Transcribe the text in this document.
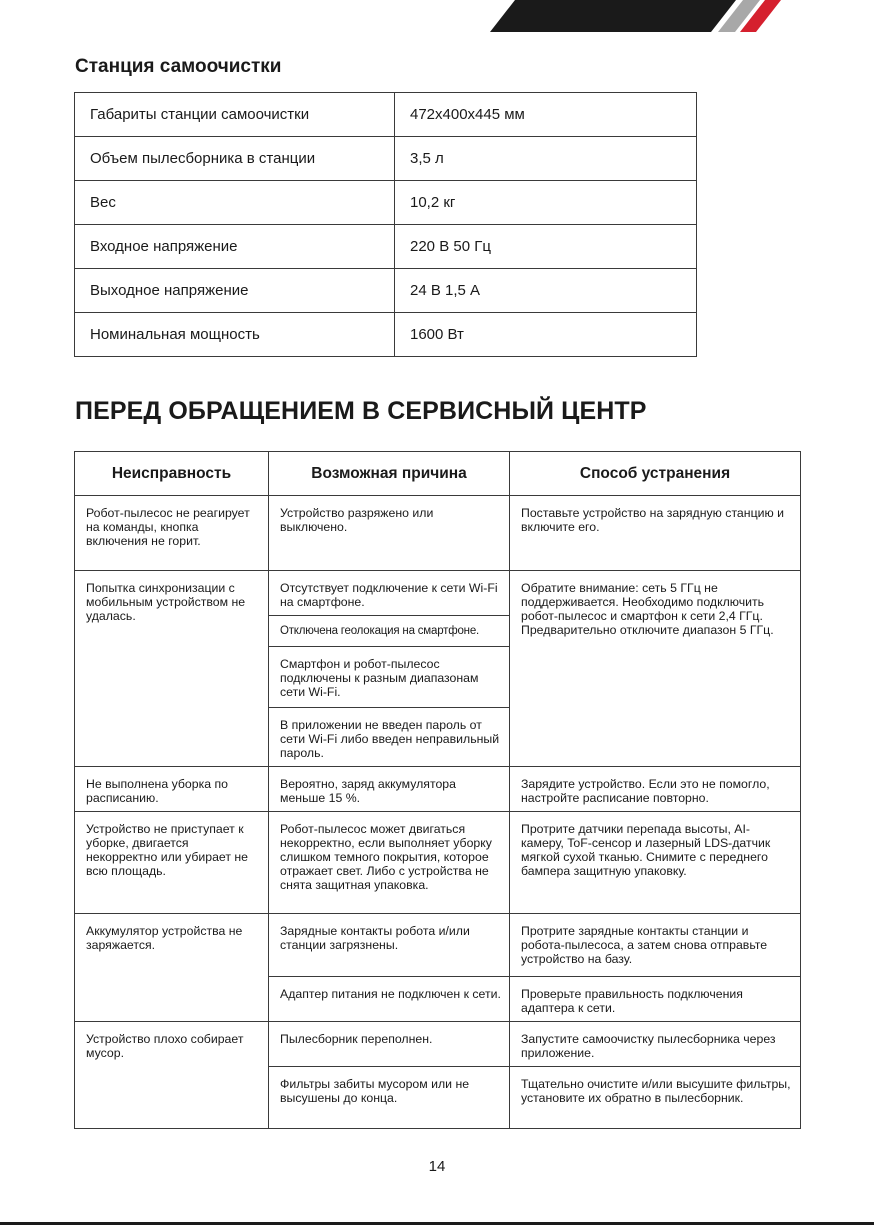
Станция самоочистки
Габариты станции самоочистки	472x400x445 мм
Объем пылесборника в станции	3,5 л
Вес	10,2 кг
Входное напряжение	220 В 50 Гц
Выходное напряжение	24 В 1,5 А
Номинальная мощность	1600 Вт
ПЕРЕД ОБРАЩЕНИЕМ В СЕРВИСНЫЙ ЦЕНТР
Неисправность	Возможная причина	Способ устранения
Робот-пылесос не реагирует на команды, кнопка включения не горит.	Устройство разряжено или выключено.	Поставьте устройство на зарядную станцию и включите его.
Попытка синхронизации с мобильным устройством не удалась.	Отсутствует подключение к сети Wi-Fi на смартфоне.	Обратите внимание: сеть 5 ГГц не поддерживается. Необходимо подключить робот-пылесос и смартфон к сети 2,4 ГГц. Предварительно отключите диапазон 5 ГГц.
	Отключена геолокация на смартфоне.	
	Смартфон и робот-пылесос подключены к разным диапазонам сети Wi-Fi.	
	В приложении не введен пароль от сети Wi-Fi либо введен неправильный пароль.	
Не выполнена уборка по расписанию.	Вероятно, заряд аккумулятора меньше 15 %.	Зарядите устройство. Если это не помогло, настройте расписание повторно.
Устройство не приступает к уборке, двигается некорректно или убирает не всю площадь.	Робот-пылесос может двигаться некорректно, если выполняет уборку слишком темного покрытия, которое отражает свет. Либо с устройства не снята защитная упаковка.	Протрите датчики перепада высоты, AI-камеру, ToF-сенсор и лазерный LDS-датчик мягкой сухой тканью. Снимите с переднего бампера защитную упаковку.
Аккумулятор устройства не заряжается.	Зарядные контакты робота и/или станции загрязнены.	Протрите зарядные контакты станции и робота-пылесоса, а затем снова отправьте устройство на базу.
	Адаптер питания не подключен к сети.	Проверьте правильность подключения адаптера к сети.
Устройство плохо собирает мусор.	Пылесборник переполнен.	Запустите самоочистку пылесборника через приложение.
	Фильтры забиты мусором или не высушены до конца.	Тщательно очистите и/или высушите фильтры, установите их обратно в пылесборник.
14
